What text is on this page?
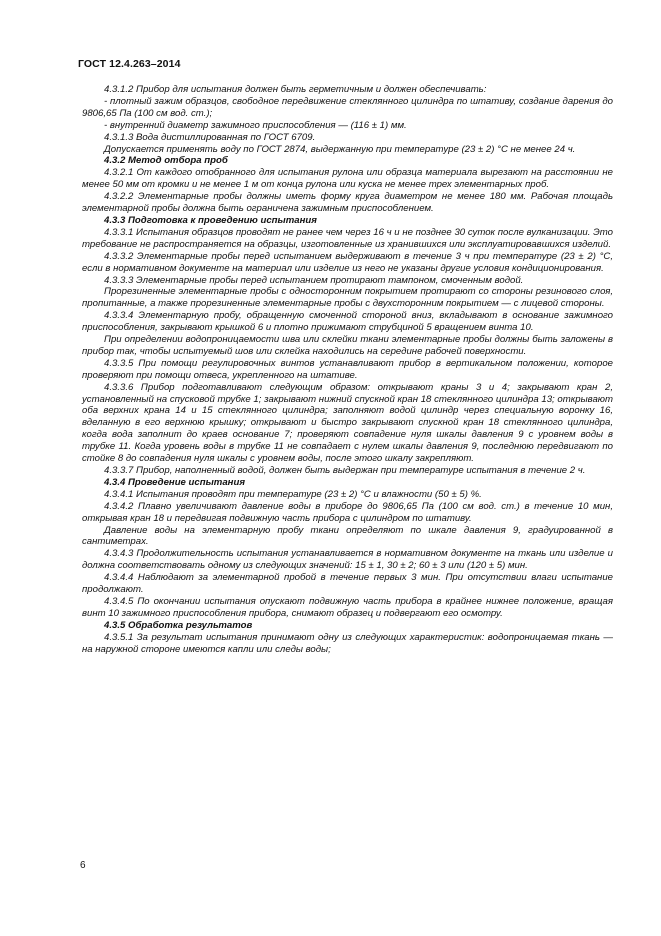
ГОСТ 12.4.263–2014

4.3.1.2 Прибор для испытания должен быть герметичным и должен обеспечивать:

- плотный зажим образцов, свободное передвижение стеклянного цилиндра по штативу, создание дарения до 9806,65 Па (100 см вод. ст.);

- внутренний диаметр зажимного приспособления — (116 ± 1) мм.

4.3.1.3 Вода дистиллированная по ГОСТ 6709.

Допускается применять воду по ГОСТ 2874, выдержанную при температуре (23 ± 2) °С не менее 24 ч.

4.3.2 Метод отбора проб

4.3.2.1 От каждого отобранного для испытания рулона или образца материала вырезают на расстоянии не менее 50 мм от кромки и не менее 1 м от конца рулона или куска не менее трех элементарных проб.

4.3.2.2 Элементарные пробы должны иметь форму круга диаметром не менее 180 мм. Рабочая площадь элементарной пробы должна быть ограничена зажимным приспособлением.

4.3.3 Подготовка к проведению испытания

4.3.3.1 Испытания образцов проводят не ранее чем через 16 ч и не позднее 30 суток после вулканизации. Это требование не распространяется на образцы, изготовленные из хранившихся или эксплуатировавшихся изделий.

4.3.3.2 Элементарные пробы перед испытанием выдерживают в течение 3 ч при температуре (23 ± 2) °С, если в нормативном документе на материал или изделие из него не указаны другие условия кондиционирования.

4.3.3.3 Элементарные пробы перед испытанием протирают тампоном, смоченным водой.

Прорезиненные элементарные пробы с односторонним покрытием протирают со стороны резинового слоя, пропитанные, а также прорезиненные элементарные пробы с двухсторонним покрытием — с лицевой стороны.

4.3.3.4 Элементарную пробу, обращенную смоченной стороной вниз, вкладывают в основание зажимного приспособления, закрывают крышкой 6 и плотно прижимают струбциной 5 вращением винта 10.

При определении водопроницаемости шва или склейки ткани элементарные пробы должны быть заложены в прибор так, чтобы испытуемый шов или склейка находились на середине рабочей поверхности.

4.3.3.5 При помощи регулировочных винтов устанавливают прибор в вертикальном положении, которое проверяют при помощи отвеса, укрепленного на штативе.

4.3.3.6 Прибор подготавливают следующим образом: открывают краны 3 и 4; закрывают кран 2, установленный на спусковой трубке 1; закрывают нижний спускной кран 18 стеклянного цилиндра 13; открывают оба верхних крана 14 и 15 стеклянного цилиндра; заполняют водой цилиндр через специальную воронку 16, вделанную в его верхнюю крышку; открывают и быстро закрывают спускной кран 18 стеклянного цилиндра, когда вода заполнит до краев основание 7; проверяют совпадение нуля шкалы давления 9 с уровнем воды в трубке 11. Когда уровень воды в трубке 11 не совпадает с нулем шкалы давления 9, последнюю передвигают по стойке 8 до совпадения нуля шкалы с уровнем воды, после этого шкалу закрепляют.

4.3.3.7 Прибор, наполненный водой, должен быть выдержан при температуре испытания в течение 2 ч.

4.3.4 Проведение испытания

4.3.4.1 Испытания проводят при температуре (23 ± 2) °С и влажности (50 ± 5) %.

4.3.4.2 Плавно увеличивают давление воды в приборе до 9806,65 Па (100 см вод. ст.) в течение 10 мин, открывая кран 18 и передвигая подвижную часть прибора с цилиндром по штативу.

Давление воды на элементарную пробу ткани определяют по шкале давления 9, градуированной в сантиметрах.

4.3.4.3 Продолжительность испытания устанавливается в нормативном документе на ткань или изделие и должна соответствовать одному из следующих значений: 15 ± 1, 30 ± 2; 60 ± 3 или (120 ± 5) мин.

4.3.4.4 Наблюдают за элементарной пробой в течение первых 3 мин. При отсутствии влаги испытание продолжают.

4.3.4.5 По окончании испытания опускают подвижную часть прибора в крайнее нижнее положение, вращая винт 10 зажимного приспособления прибора, снимают образец и подвергают его осмотру.

4.3.5 Обработка результатов

4.3.5.1 За результат испытания принимают одну из следующих характеристик: водопроницаемая ткань — на наружной стороне имеются капли или следы воды;

6
